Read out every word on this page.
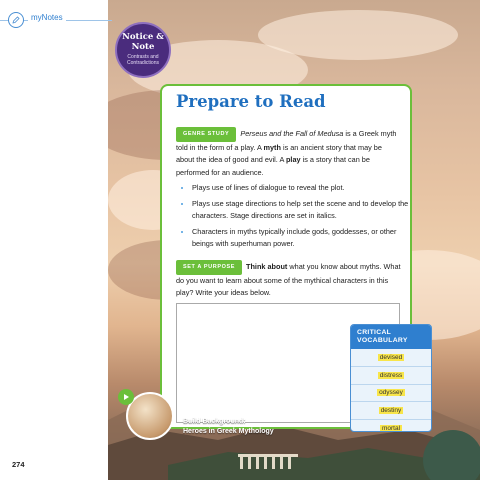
myNotes
Notice & Note
Contrasts and Contradictions
Prepare to Read

GENRE STUDY Perseus and the Fall of Medusa is a Greek myth told in the form of a play. A myth is an ancient story that may be about the idea of good and evil. A play is a story that can be performed for an audience.

• Plays use of lines of dialogue to reveal the plot.
• Plays use stage directions to help set the scene and to develop the characters. Stage directions are set in italics.
• Characters in myths typically include gods, goddesses, or other beings with superhuman power.

SET A PURPOSE Think about what you know about myths. What do you want to learn about some of the mythical characters in this play? Write your ideas below.

CRITICAL VOCABULARY
devised
distress
odyssey
destiny
mortal
Build Background:
Heroes in Greek Mythology
274
